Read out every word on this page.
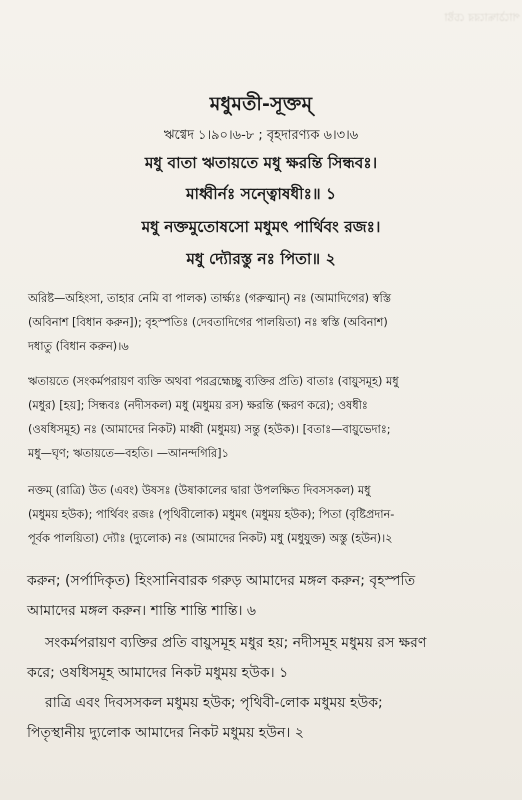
পাঠোদ্ধারের চেষ্টা
মধুমতী-সূক্তম্
ঋগ্বেদ ১।৯০।৬-৮ ; বৃহদারণ্যক ৬।৩।৬
মধু বাতা ঋতায়তে মধু ক্ষরন্তি সিন্ধবঃ।
মাধ্বীর্নঃ সন্ত্বোষধীঃ॥ ১
মধু নক্তমুতোষসো মধুমৎ পার্থিবং রজঃ।
মধু দ্যৌরস্তু নঃ পিতা॥ ২
অরিষ্ট—অহিংসা, তাহার নেমি বা পালক) তার্ক্ষ্যঃ (গরুত্মান্) নঃ (আমাদিগের) স্বস্তি
(অবিনাশ [বিধান করুন]); বৃহস্পতিঃ (দেবতাদিগের পালয়িতা) নঃ স্বস্তি (অবিনাশ)
দধাতু (বিধান করুন)।৬
ঋতায়তে (সংকর্মপরায়ণ ব্যক্তি অথবা পরব্রহ্মেচ্ছু ব্যক্তির প্রতি) বাতাঃ (বায়ুসমূহ) মধু
(মধুর) [হয়]; সিন্ধবঃ (নদীসকল) মধু (মধুময় রস) ক্ষরন্তি (ক্ষরণ করে); ওষধীঃ
(ওষধিসমূহ) নঃ (আমাদের নিকট) মাধ্বী (মধুময়) সন্তু (হউক)। [বতাঃ—বায়ুভেদাঃ;
মধু—ঘৃণ; ঋতায়তে—বহতি। —আনন্দগিরি]১
নক্তম্ (রাত্রি) উত (এবং) উষসঃ (উষাকালের দ্বারা উপলক্ষিত দিবসসকল) মধু
(মধুময় হউক); পার্থিবং রজঃ (পৃথিবীলোক) মধুমৎ (মধুময় হউক); পিতা (বৃষ্টিপ্রদান-
পূর্বক পালয়িতা) দ্যৌঃ (দ্যুলোক) নঃ (আমাদের নিকট) মধু (মধুযুক্ত) অস্তু (হউন)।২
করুন; (সর্পাদিকৃত) হিংসানিবারক গরুড় আমাদের মঙ্গল করুন; বৃহস্পতি
আমাদের মঙ্গল করুন। শান্তি শান্তি শান্তি। ৬
সংকর্মপরায়ণ ব্যক্তির প্রতি বায়ুসমূহ মধুর হয়; নদীসমূহ মধুময় রস ক্ষরণ
করে; ওষধিসমূহ আমাদের নিকট মধুময় হউক। ১
রাত্রি এবং দিবসসকল মধুময় হউক; পৃথিবী-লোক মধুময় হউক;
পিতৃস্থানীয় দ্যুলোক আমাদের নিকট মধুময় হউন। ২
